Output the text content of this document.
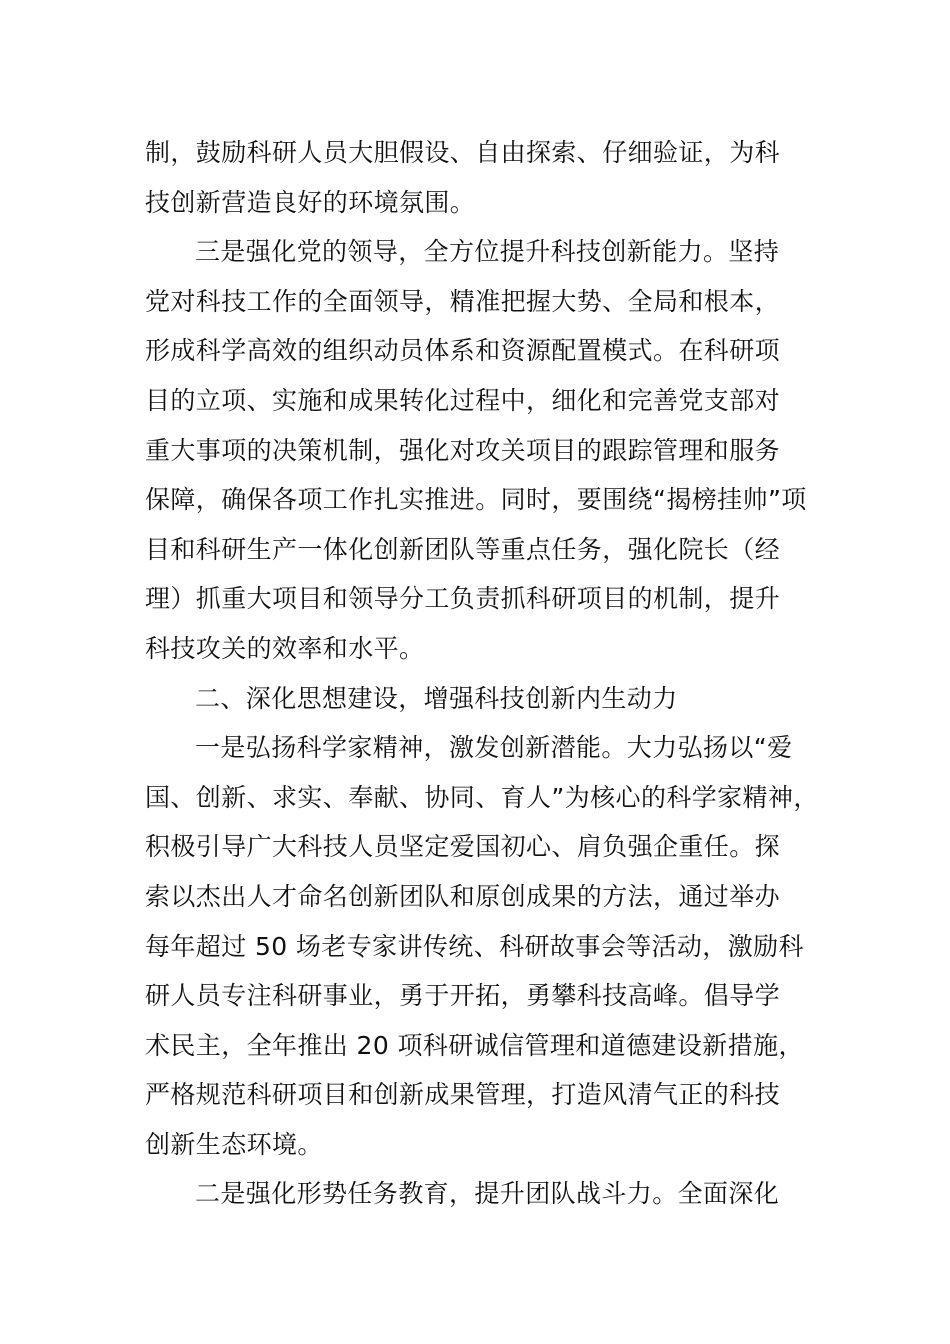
制，鼓励科研人员大胆假设、自由探索、仔细验证，为科
技创新营造良好的环境氛围。
三是强化党的领导，全方位提升科技创新能力。坚持
党对科技工作的全面领导，精准把握大势、全局和根本，
形成科学高效的组织动员体系和资源配置模式。在科研项
目的立项、实施和成果转化过程中，细化和完善党支部对
重大事项的决策机制，强化对攻关项目的跟踪管理和服务
保障，确保各项工作扎实推进。同时，要围绕“揭榜挂帅”项
目和科研生产一体化创新团队等重点任务，强化院长（经
理）抓重大项目和领导分工负责抓科研项目的机制，提升
科技攻关的效率和水平。
二、深化思想建设，增强科技创新内生动力
一是弘扬科学家精神，激发创新潜能。大力弘扬以“爱
国、创新、求实、奉献、协同、育人”为核心的科学家精神，
积极引导广大科技人员坚定爱国初心、肩负强企重任。探
索以杰出人才命名创新团队和原创成果的方法，通过举办
每年超过 50 场老专家讲传统、科研故事会等活动，激励科
研人员专注科研事业，勇于开拓，勇攀科技高峰。倡导学
术民主，全年推出 20 项科研诚信管理和道德建设新措施，
严格规范科研项目和创新成果管理，打造风清气正的科技
创新生态环境。
二是强化形势任务教育，提升团队战斗力。全面深化
